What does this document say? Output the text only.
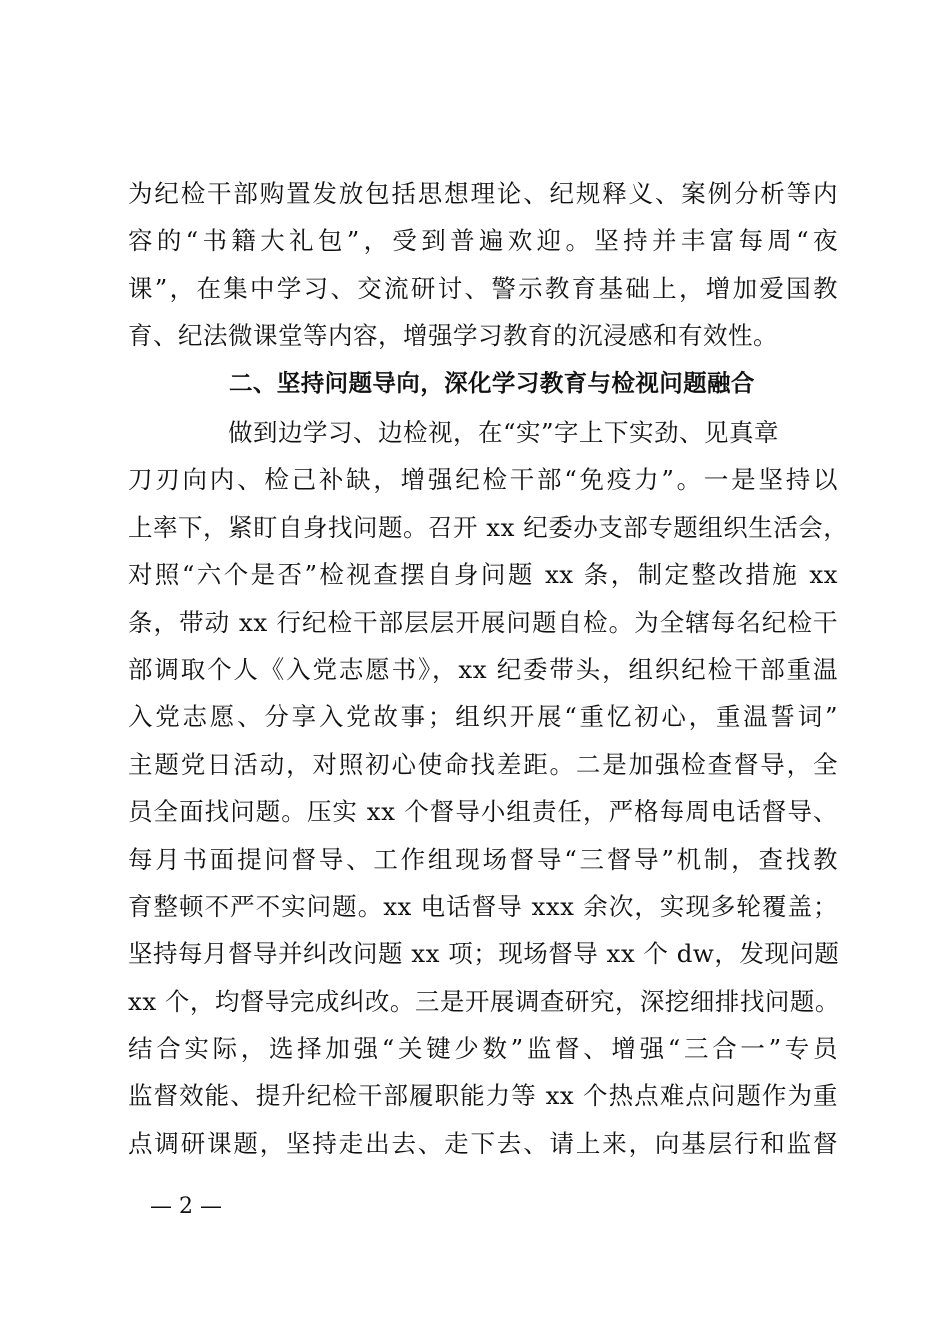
为纪检干部购置发放包括思想理论、纪规释义、案例分析等内
容的“书籍大礼包”，受到普遍欢迎。坚持并丰富每周“夜
课”，在集中学习、交流研讨、警示教育基础上，增加爱国教
育、纪法微课堂等内容，增强学习教育的沉浸感和有效性。
二、坚持问题导向，深化学习教育与检视问题融合
做到边学习、边检视，在“实”字上下实劲、见真章
刀刃向内、检己补缺，增强纪检干部“免疫力”。一是坚持以
上率下，紧盯自身找问题。召开 xx 纪委办支部专题组织生活会，
对照“六个是否”检视查摆自身问题 xx 条，制定整改措施 xx
条，带动 xx 行纪检干部层层开展问题自检。为全辖每名纪检干
部调取个人《入党志愿书》，xx 纪委带头，组织纪检干部重温
入党志愿、分享入党故事；组织开展“重忆初心，重温誓词”
主题党日活动，对照初心使命找差距。二是加强检查督导，全
员全面找问题。压实 xx 个督导小组责任，严格每周电话督导、
每月书面提问督导、工作组现场督导“三督导”机制，查找教
育整顿不严不实问题。xx 电话督导 xxx 余次，实现多轮覆盖；
坚持每月督导并纠改问题 xx 项；现场督导 xx 个 dw，发现问题
xx 个，均督导完成纠改。三是开展调查研究，深挖细排找问题。
结合实际，选择加强“关键少数”监督、增强“三合一”专员
监督效能、提升纪检干部履职能力等 xx 个热点难点问题作为重
点调研课题，坚持走出去、走下去、请上来，向基层行和监督
— 2 —
